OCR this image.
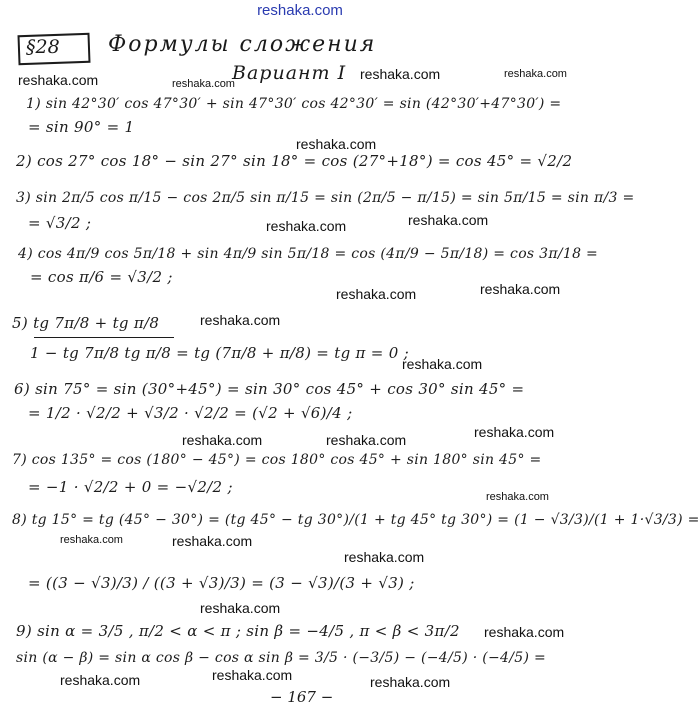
reshaka.com
§28 Формулы сложения
Вариант I
reshaka.com	reshaka.com
reshaka.com	reshaka.com
reshaka.com
reshaka.com
reshaka.com
reshaka.com	reshaka.com
reshaka.com
reshaka.com
reshaka.com	reshaka.com	reshaka.com
reshaka.com
reshaka.com	reshaka.com
reshaka.com
reshaka.com
reshaka.com
reshaka.com
reshaka.com	reshaka.com
1) sin 42°30′ cos 47°30′ + sin 47°30′ cos 42°30′ = sin (42°30′+47°30′) =
= sin 90° = 1
2) cos 27° cos 18° − sin 27° sin 18° = cos (27°+18°) = cos 45° = √2/2
3) sin 2π/5 cos π/15 − cos 2π/5 sin π/15 = sin (2π/5 − π/15) = sin 5π/15 = sin π/3 =
= √3/2 ;
4) cos 4π/9 cos 5π/18 + sin 4π/9 sin 5π/18 = cos (4π/9 − 5π/18) = cos 3π/18 =
= cos π/6 = √3/2 ;
5) tg 7π/8 + tg π/8
1 − tg 7π/8 tg π/8 = tg (7π/8 + π/8) = tg π = 0 ;
6) sin 75° = sin (30°+45°) = sin 30° cos 45° + cos 30° sin 45° =
= 1/2 · √2/2 + √3/2 · √2/2 = (√2 + √6)/4 ;
7) cos 135° = cos (180° − 45°) = cos 180° cos 45° + sin 180° sin 45° =
= −1 · √2/2 + 0 = −√2/2 ;
8) tg 15° = tg (45° − 30°) = (tg 45° − tg 30°)/(1 + tg 45° tg 30°) = (1 − √3/3)/(1 + 1·√3/3) =
= ((3 − √3)/3) / ((3 + √3)/3) = (3 − √3)/(3 + √3) ;
9) sin α = 3/5 , π/2 < α < π ; sin β = −4/5 , π < β < 3π/2
sin (α − β) = sin α cos β − cos α sin β = 3/5 · (−3/5) − (−4/5) · (−4/5) =
− 167 −
